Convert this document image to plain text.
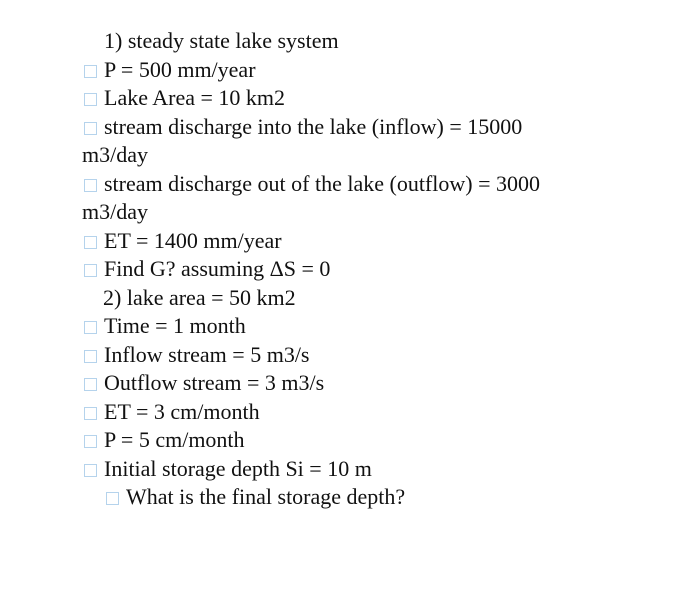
1) steady state lake system
P = 500 mm/year
Lake Area = 10 km2
stream discharge into the lake (inflow) = 15000
m3/day
stream discharge out of the lake (outflow) = 3000
m3/day
ET = 1400 mm/year
Find G? assuming ΔS = 0
2) lake area = 50 km2
Time = 1 month
Inflow stream = 5 m3/s
Outflow stream = 3 m3/s
ET = 3 cm/month
P = 5 cm/month
Initial storage depth Si = 10 m
What is the final storage depth?
